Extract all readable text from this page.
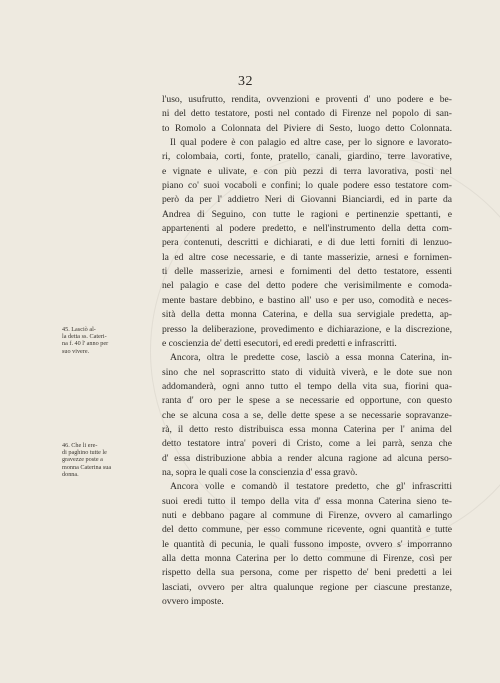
32
l'uso, usufrutto, rendita, ovvenzioni e proventi d' uno podere e be-
ni del detto testatore, posti nel contado di Firenze nel popolo di san-
to Romolo a Colonnata del Piviere di Sesto, luogo detto Colonnata.
Il qual podere è con palagio ed altre case, per lo signore e lavorato-
ri, colombaia, corti, fonte, pratello, canali, giardino, terre lavorative,
e vignate e ulivate, e con più pezzi di terra lavorativa, posti nel
piano co' suoi vocaboli e confini; lo quale podere esso testatore com-
però da per l' addietro Neri di Giovanni Bianciardi, ed in parte da
Andrea di Seguino, con tutte le ragioni e pertinenzie spettanti, e
appartenenti al podere predetto, e nell'instrumento della detta com-
pera contenuti, descritti e dichiarati, e di due letti forniti di lenzuo-
la ed altre cose necessarie, e di tante masserizie, arnesi e fornimen-
ti delle masserizie, arnesi e fornimenti del detto testatore, essenti
nel palagio e case del detto podere che verisimilmente e comoda-
mente bastare debbino, e bastino all' uso e per uso, comodità e neces-
sità della detta monna Caterina, e della sua servigiale predetta, ap-
presso la deliberazione, provedimento e dichiarazione, e la discrezione,
e coscienzia de' detti esecutori, ed eredi predetti e infrascritti.
Ancora, oltra le predette cose, lasciò a essa monna Caterina, in-
sino che nel soprascritto stato di viduità viverà, e le dote sue non
addomanderà, ogni anno tutto el tempo della vita sua, fiorini qua-
ranta d' oro per le spese a se necessarie ed opportune, con questo
che se alcuna cosa a se, delle dette spese a se necessarie sopravanze-
rà, il detto resto distribuisca essa monna Caterina per l' anima del
detto testatore intra' poveri di Cristo, come a lei parrà, senza che
d' essa distribuzione abbia a render alcuna ragione ad alcuna perso-
na, sopra le quali cose la conscienzia d' essa gravò.
Ancora volle e comandò il testatore predetto, che gl' infrascritti
suoi eredi tutto il tempo della vita d' essa monna Caterina sieno te-
nuti e debbano pagare al commune di Firenze, ovvero al camarlingo
del detto commune, per esso commune ricevente, ogni quantità e tutte
le quantità di pecunia, le quali fussono imposte, ovvero s' imporranno
alla detta monna Caterina per lo detto commune di Firenze, così per
rispetto della sua persona, come per rispetto de' beni predetti a lei
lasciati, ovvero per altra qualunque regione per ciascune prestanze,
ovvero imposte.
45. Lasciò al-
la detta ss. Cateri-
na f. 40 l' anno per
suo vivere.
46. Che li ere-
di paghino tutte le
gravezze poste a
monna Caterina sua
donna.
